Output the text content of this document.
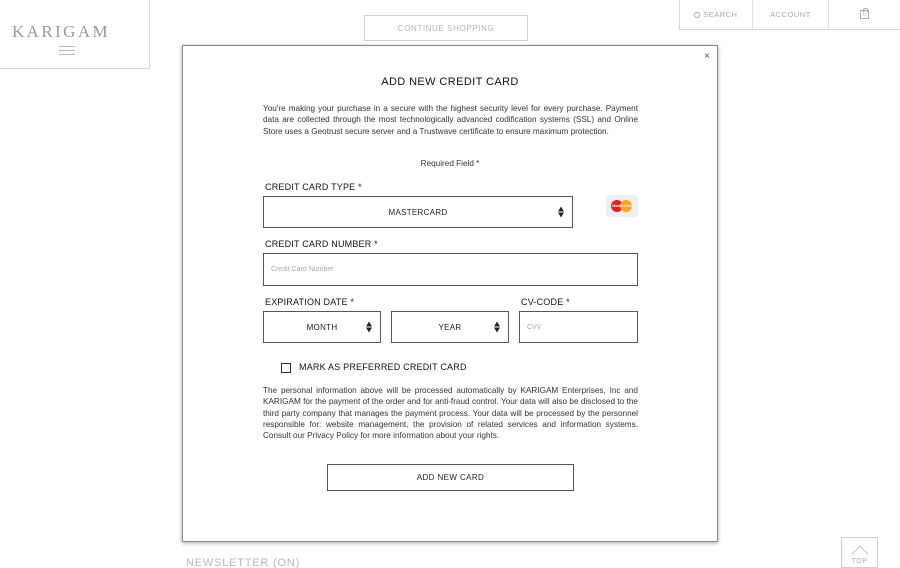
KARIGAM	CONTINUE SHOPPING
SEARCH	ACCOUNT	0
NEWSLETTER (ON)	TOP
×
ADD NEW CREDIT CARD

You're making your purchase in a secure with the highest security level for every purchase. Payment data are collected through the most technologically advanced codification systems (SSL) and Online Store uses a Geotrust secure server and a Trustwave certificate to ensure maximum protection.

Required Field *
CREDIT CARD TYPE *
MASTERCARD
MasterCard
CREDIT CARD NUMBER *
Credit Card Number
EXPIRATION DATE *
MONTH	YEAR
CV-CODE *
CVV
MARK AS PREFERRED CREDIT CARD

The personal information above will be processed automatically by KARIGAM Enterprises, Inc and KARIGAM for the payment of the order and for anti-fraud control. Your data will also be disclosed to the third party company that manages the payment process. Your data will be processed by the personnel responsible for: website management, the provision of related services and information systems. Consult our Privacy Policy for more information about your rights.

ADD NEW CARD
